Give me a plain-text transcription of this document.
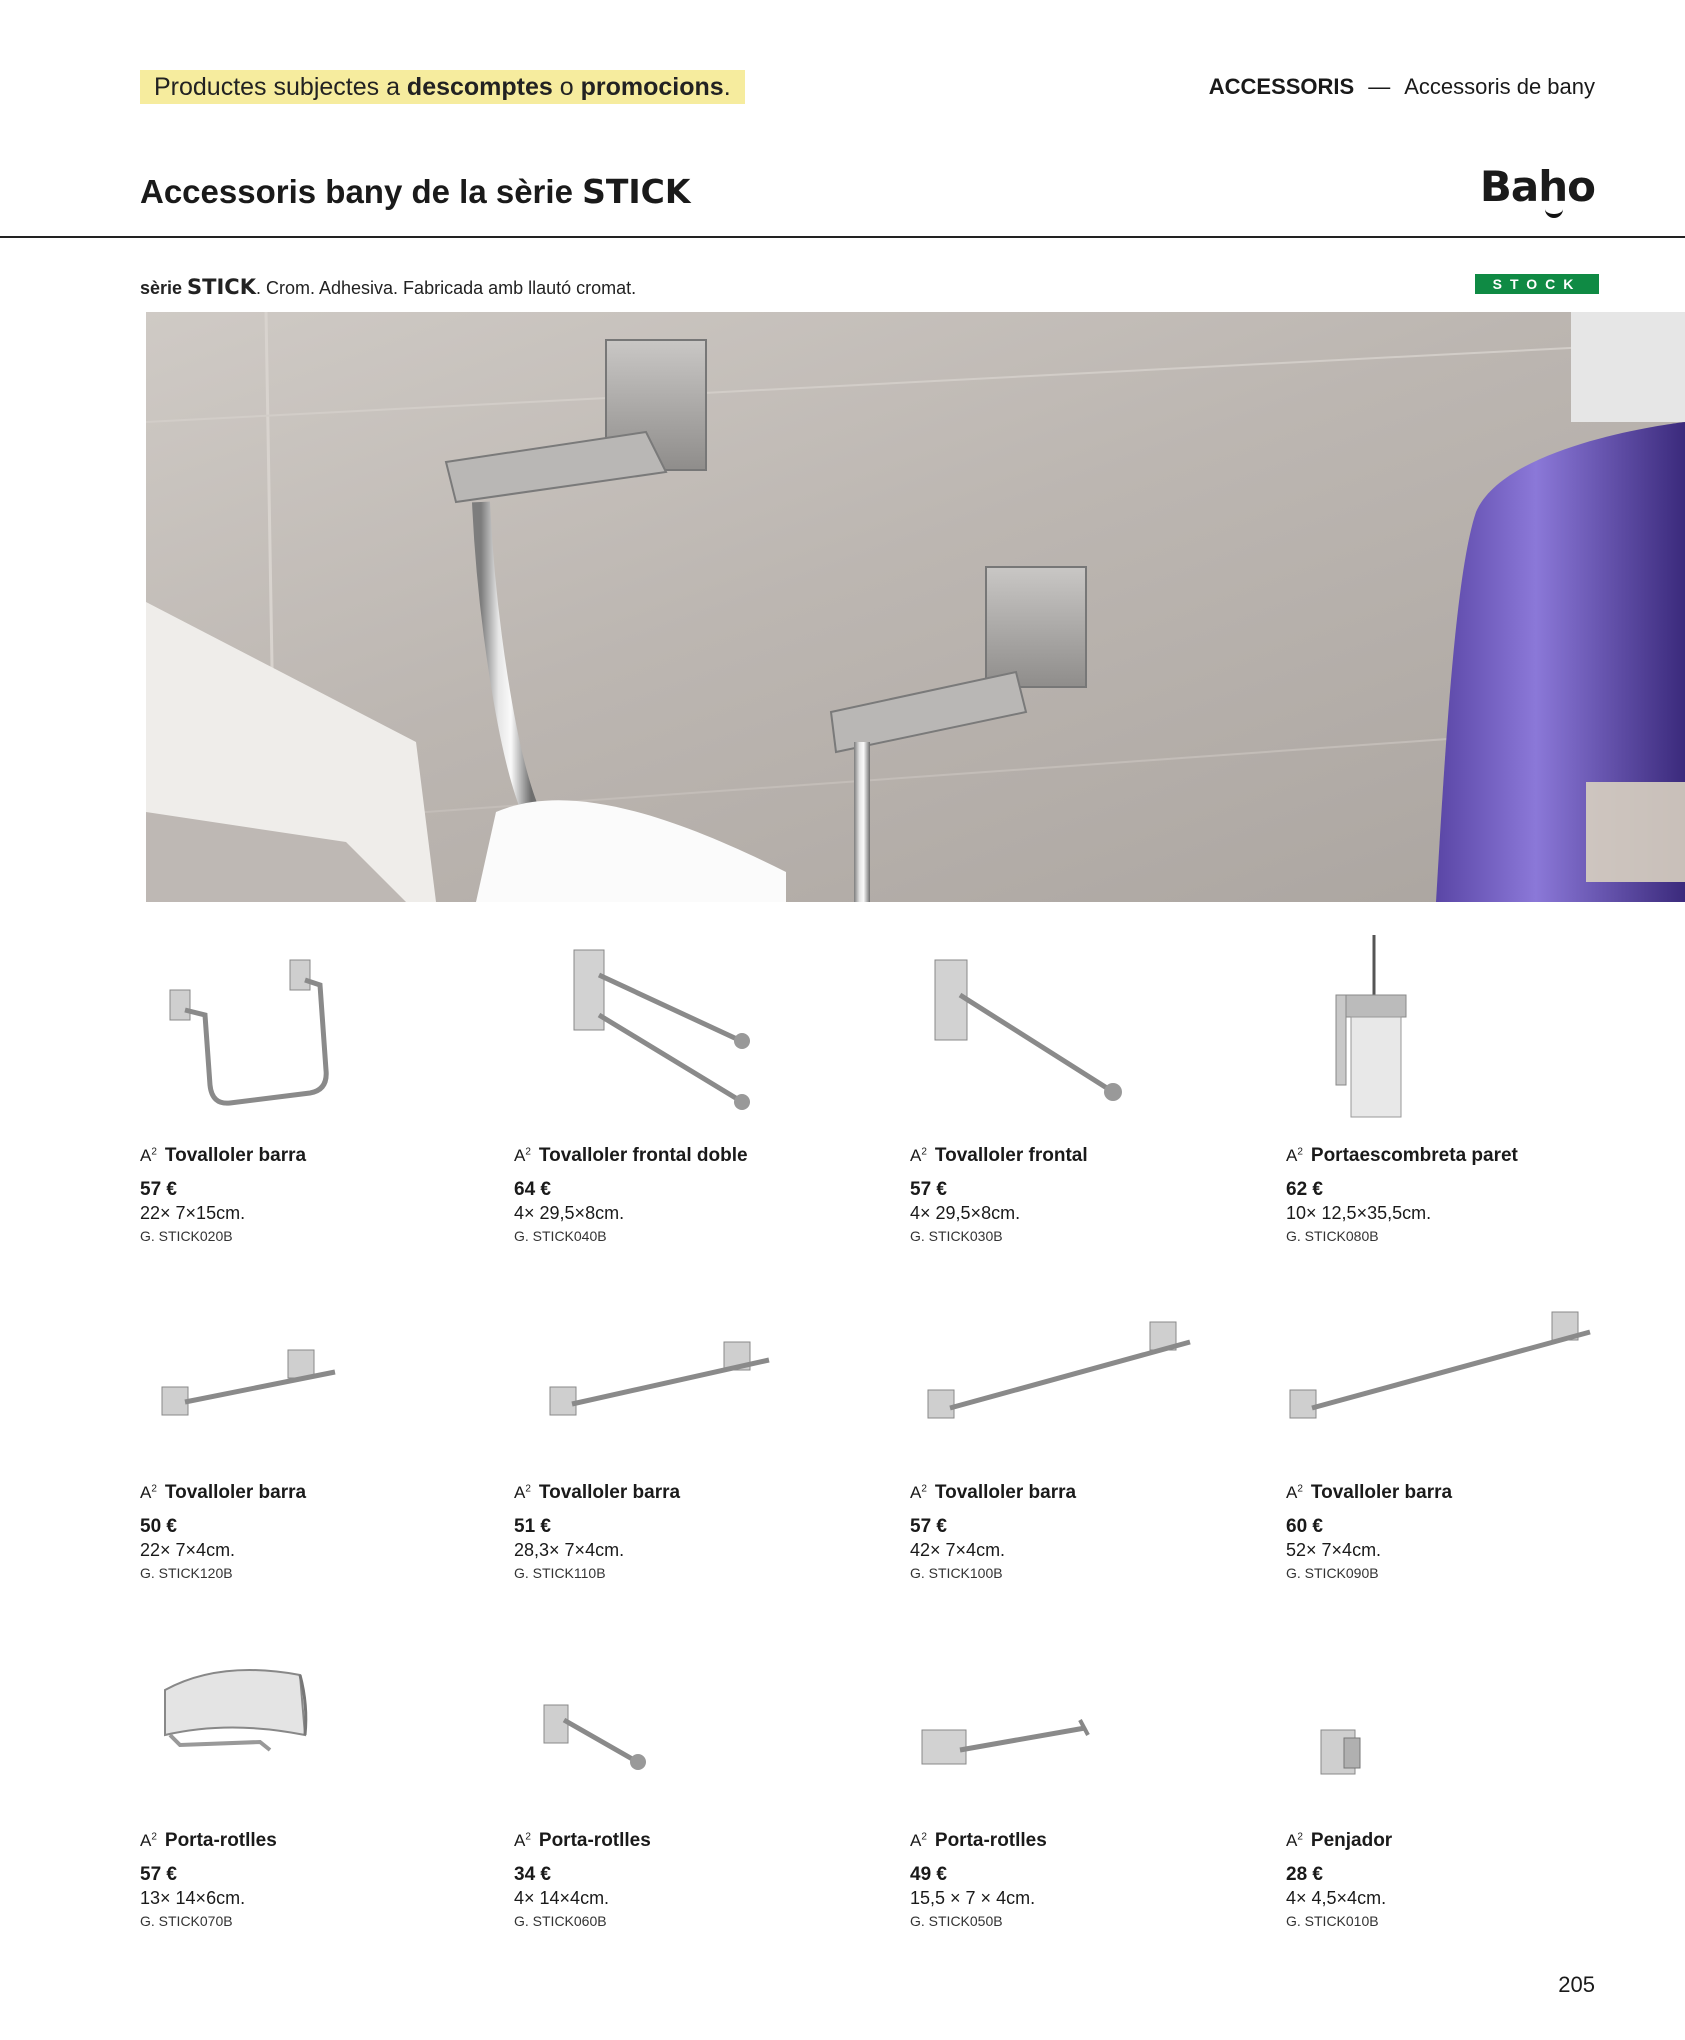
Productes subjectes a descomptes o promocions.	ACCESSORIS — Accessoris de bany
Accessoris bany de la sèrie STICK	Baho
sèrie STICK. Crom. Adhesiva. Fabricada amb llautó cromat.	STOCK
$A^2$ Tovalloler barra
57 €
22× 7×15cm.
G. STICK020B
$A^2$ Tovalloler frontal doble
64 €
4× 29,5×8cm.
G. STICK040B
$A^2$ Tovalloler frontal
57 €
4× 29,5×8cm.
G. STICK030B
$A^2$ Portaescombreta paret
62 €
10× 12,5×35,5cm.
G. STICK080B
$A^2$ Tovalloler barra
50 €
22× 7×4cm.
G. STICK120B
$A^2$ Tovalloler barra
51 €
28,3× 7×4cm.
G. STICK110B
$A^2$ Tovalloler barra
57 €
42× 7×4cm.
G. STICK100B
$A^2$ Tovalloler barra
60 €
52× 7×4cm.
G. STICK090B
$A^2$ Porta-rotlles
57 €
13× 14×6cm.
G. STICK070B
$A^2$ Porta-rotlles
34 €
4× 14×4cm.
G. STICK060B
$A^2$ Porta-rotlles
49 €
15,5 × 7 × 4cm.
G. STICK050B
$A^2$ Penjador
28 €
4× 4,5×4cm.
G. STICK010B
205
